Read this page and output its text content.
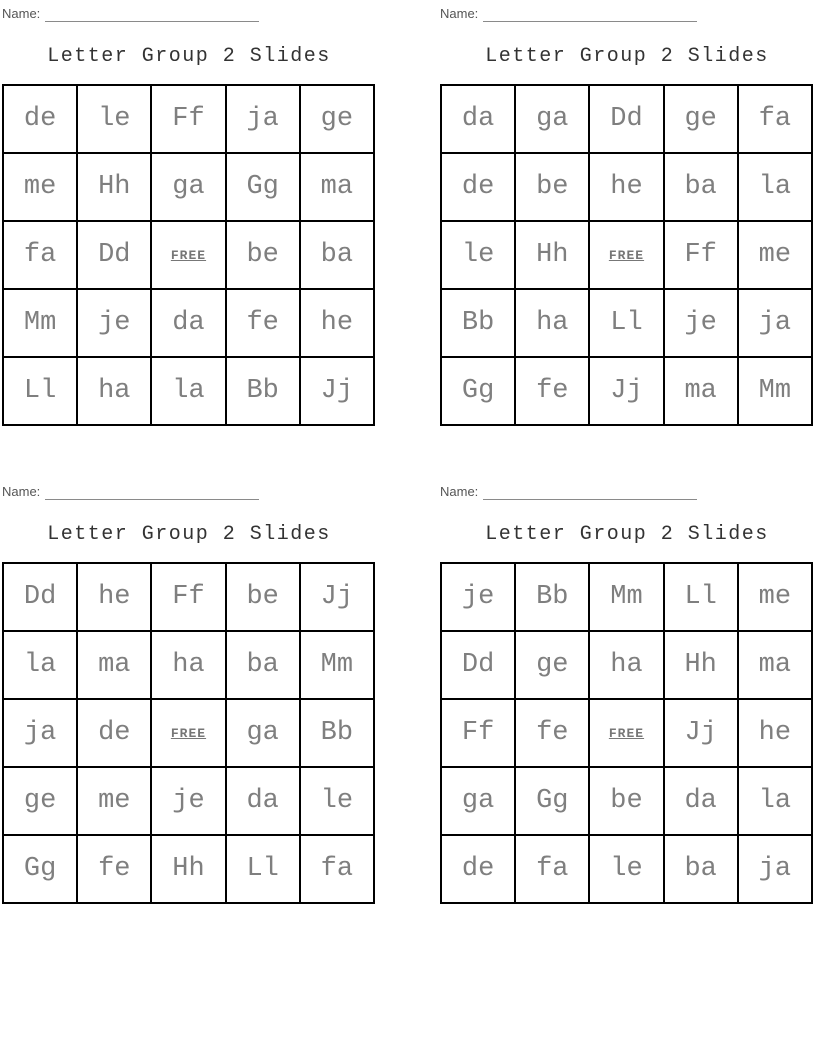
Name:
Letter Group 2 Slides
de	le	Ff	ja	ge
me	Hh	ga	Gg	ma
fa	Dd	FREE	be	ba
Mm	je	da	fe	he
Ll	ha	la	Bb	Jj
Name:
Letter Group 2 Slides
da	ga	Dd	ge	fa
de	be	he	ba	la
le	Hh	FREE	Ff	me
Bb	ha	Ll	je	ja
Gg	fe	Jj	ma	Mm
Name:
Letter Group 2 Slides
Dd	he	Ff	be	Jj
la	ma	ha	ba	Mm
ja	de	FREE	ga	Bb
ge	me	je	da	le
Gg	fe	Hh	Ll	fa
Name:
Letter Group 2 Slides
je	Bb	Mm	Ll	me
Dd	ge	ha	Hh	ma
Ff	fe	FREE	Jj	he
ga	Gg	be	da	la
de	fa	le	ba	ja
